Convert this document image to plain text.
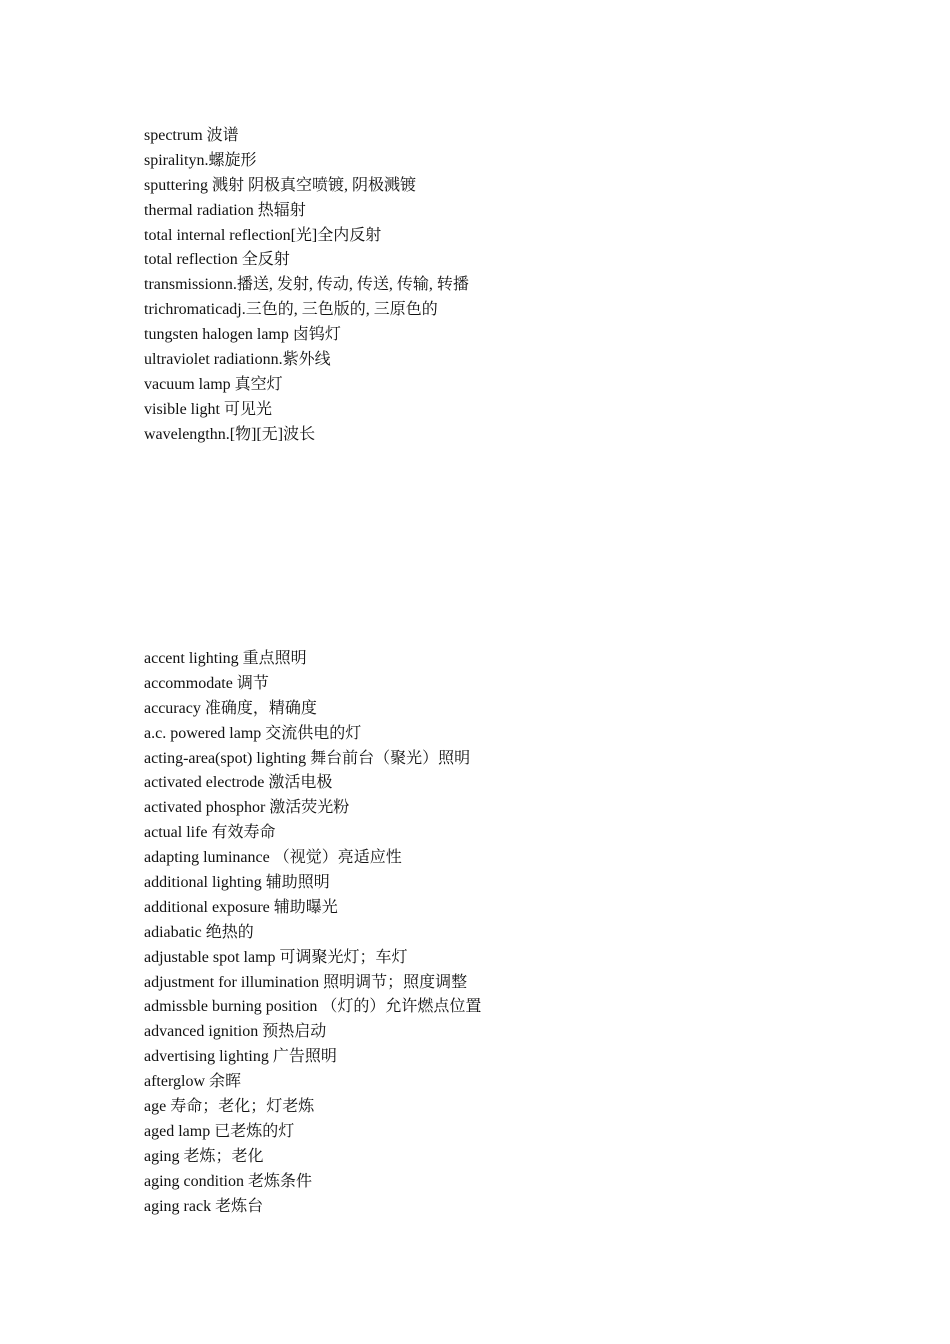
spectrum 波谱
spiralityn.螺旋形
sputtering 溅射 阴极真空喷镀, 阴极溅镀
thermal radiation 热辐射
total internal reflection[光]全内反射
total reflection 全反射
transmissionn.播送, 发射, 传动, 传送, 传输, 转播
trichromaticadj.三色的, 三色版的, 三原色的
tungsten halogen lamp 卤钨灯
ultraviolet radiationn.紫外线
vacuum lamp 真空灯
visible light 可见光
wavelengthn.[物][无]波长
accent lighting 重点照明
accommodate 调节
accuracy 准确度，精确度
a.c. powered lamp 交流供电的灯
acting-area(spot) lighting 舞台前台（聚光）照明
activated electrode 激活电极
activated phosphor 激活荧光粉
actual life 有效寿命
adapting luminance （视觉）亮适应性
additional lighting 辅助照明
additional exposure 辅助曝光
adiabatic 绝热的
adjustable spot lamp 可调聚光灯；车灯
adjustment for illumination 照明调节；照度调整
admissble burning position （灯的）允许燃点位置
advanced ignition 预热启动
advertising lighting 广告照明
afterglow 余晖
age 寿命；老化；灯老炼
aged lamp 已老炼的灯
aging 老炼；老化
aging condition 老炼条件
aging rack 老炼台
